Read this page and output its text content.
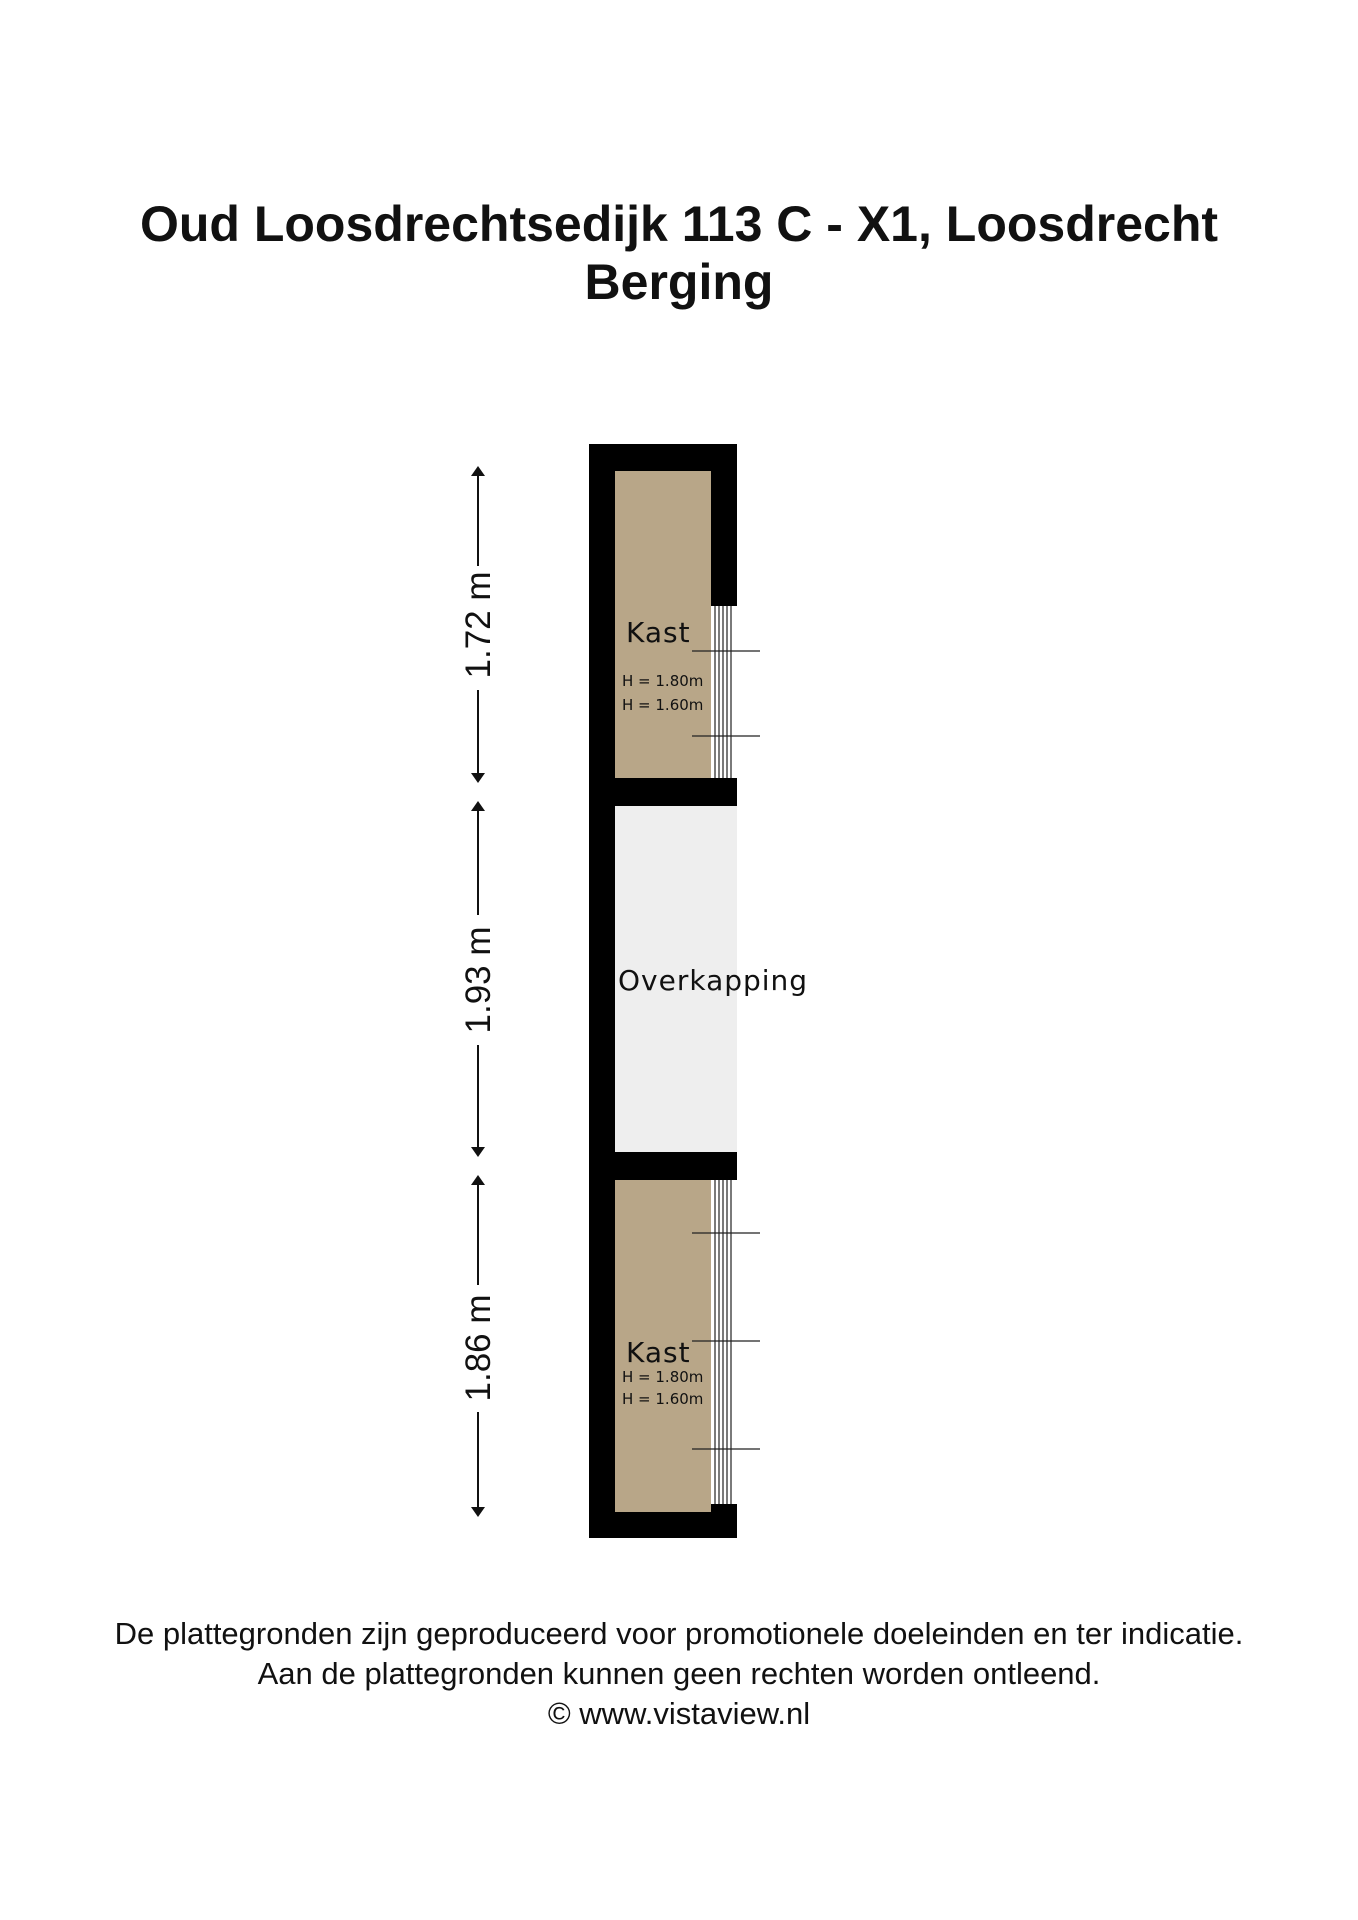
Oud Loosdrechtsedijk 113 C - X1, Loosdrecht
Berging
Kast
H = 1.80m
H = 1.60m
Overkapping
Kast
H = 1.80m
H = 1.60m
1.72 m
1.93 m
1.86 m
De plattegronden zijn geproduceerd voor promotionele doeleinden en ter indicatie.
Aan de plattegronden kunnen geen rechten worden ontleend.
© www.vistaview.nl
